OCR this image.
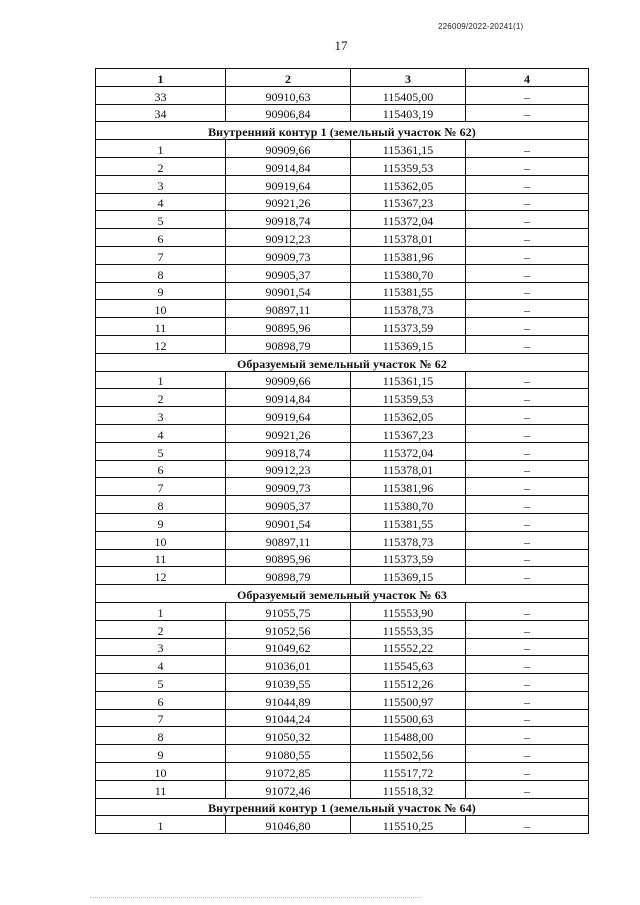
226009/2022-20241(1)
17
1	2	3	4
33	90910,63	115405,00	–
34	90906,84	115403,19	–
Внутренний контур 1 (земельный участок № 62)			
1	90909,66	115361,15	–
2	90914,84	115359,53	–
3	90919,64	115362,05	–
4	90921,26	115367,23	–
5	90918,74	115372,04	–
6	90912,23	115378,01	–
7	90909,73	115381,96	–
8	90905,37	115380,70	–
9	90901,54	115381,55	–
10	90897,11	115378,73	–
11	90895,96	115373,59	–
12	90898,79	115369,15	–
Образуемый земельный участок № 62			
1	90909,66	115361,15	–
2	90914,84	115359,53	–
3	90919,64	115362,05	–
4	90921,26	115367,23	–
5	90918,74	115372,04	–
6	90912,23	115378,01	–
7	90909,73	115381,96	–
8	90905,37	115380,70	–
9	90901,54	115381,55	–
10	90897,11	115378,73	–
11	90895,96	115373,59	–
12	90898,79	115369,15	–
Образуемый земельный участок № 63			
1	91055,75	115553,90	–
2	91052,56	115553,35	–
3	91049,62	115552,22	–
4	91036,01	115545,63	–
5	91039,55	115512,26	–
6	91044,89	115500,97	–
7	91044,24	115500,63	–
8	91050,32	115488,00	–
9	91080,55	115502,56	–
10	91072,85	115517,72	–
11	91072,46	115518,32	–
Внутренний контур 1 (земельный участок № 64)			
1	91046,80	115510,25	–
